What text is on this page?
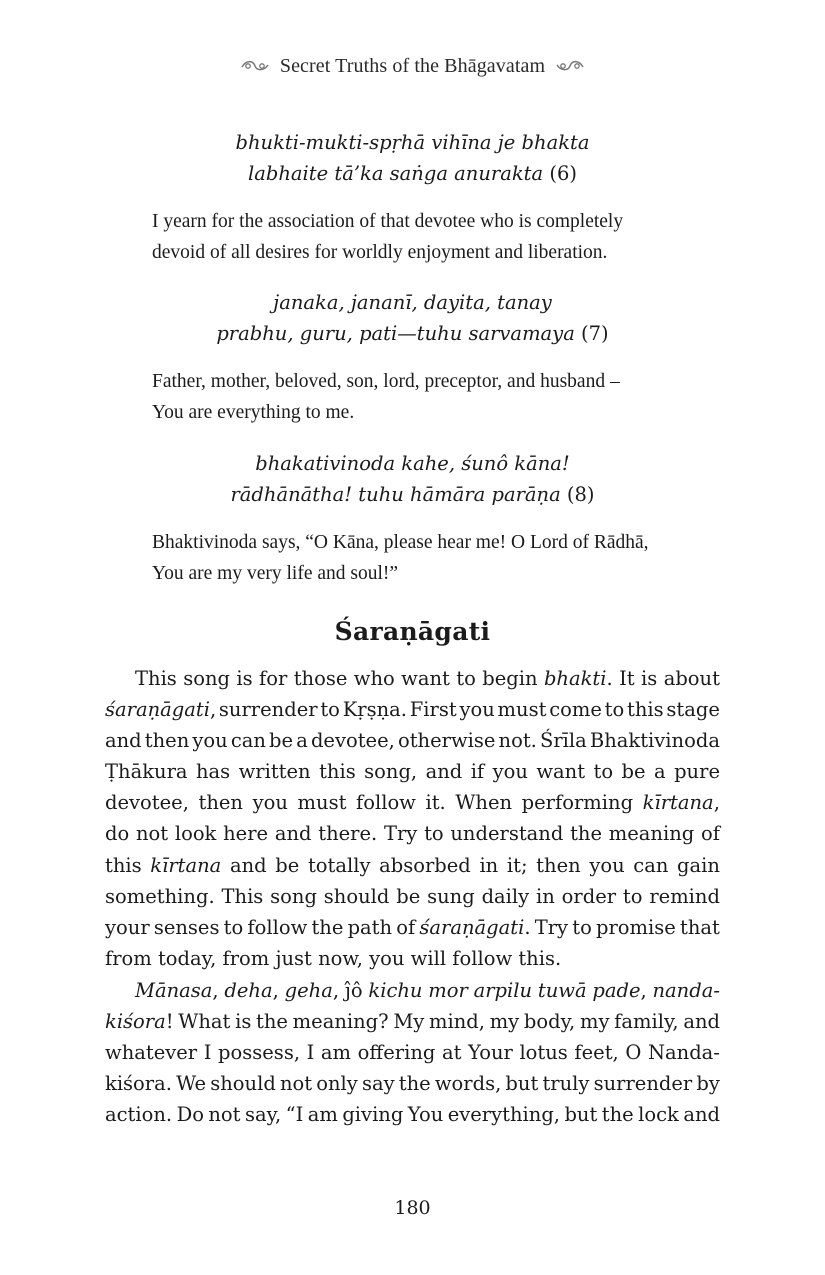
Secret Truths of the Bhāgavatam
bhukti-mukti-spṛhā vihīna je bhakta
labhaite tā’ka saṅga anurakta (6)
I yearn for the association of that devotee who is completely
devoid of all desires for worldly enjoyment and liberation.
janaka, jananī, dayita, tanay
prabhu, guru, pati—tuhu sarvamaya (7)
Father, mother, beloved, son, lord, preceptor, and husband –
You are everything to me.
bhakativinoda kahe, śunô kāna!
rādhānātha! tuhu hāmāra parāṇa (8)
Bhaktivinoda says, “O Kāna, please hear me! O Lord of Rādhā,
You are my very life and soul!”
Śaraṇāgati
This song is for those who want to begin bhakti. It is about
śaraṇāgati, surrender to Kṛṣṇa. First you must come to this stage
and then you can be a devotee, otherwise not. Śrīla Bhaktivinoda
Ṭhākura has written this song, and if you want to be a pure
devotee, then you must follow it. When performing kīrtana,
do not look here and there. Try to understand the meaning of
this kīrtana and be totally absorbed in it; then you can gain
something. This song should be sung daily in order to remind
your senses to follow the path of śaraṇāgati. Try to promise that
from today, from just now, you will follow this.
Mānasa, deha, geha, ĵô kichu mor arpilu tuwā pade, nanda-
kiśora! What is the meaning? My mind, my body, my family, and
whatever I possess, I am offering at Your lotus feet, O Nanda-
kiśora. We should not only say the words, but truly surrender by
action. Do not say, “I am giving You everything, but the lock and
180
